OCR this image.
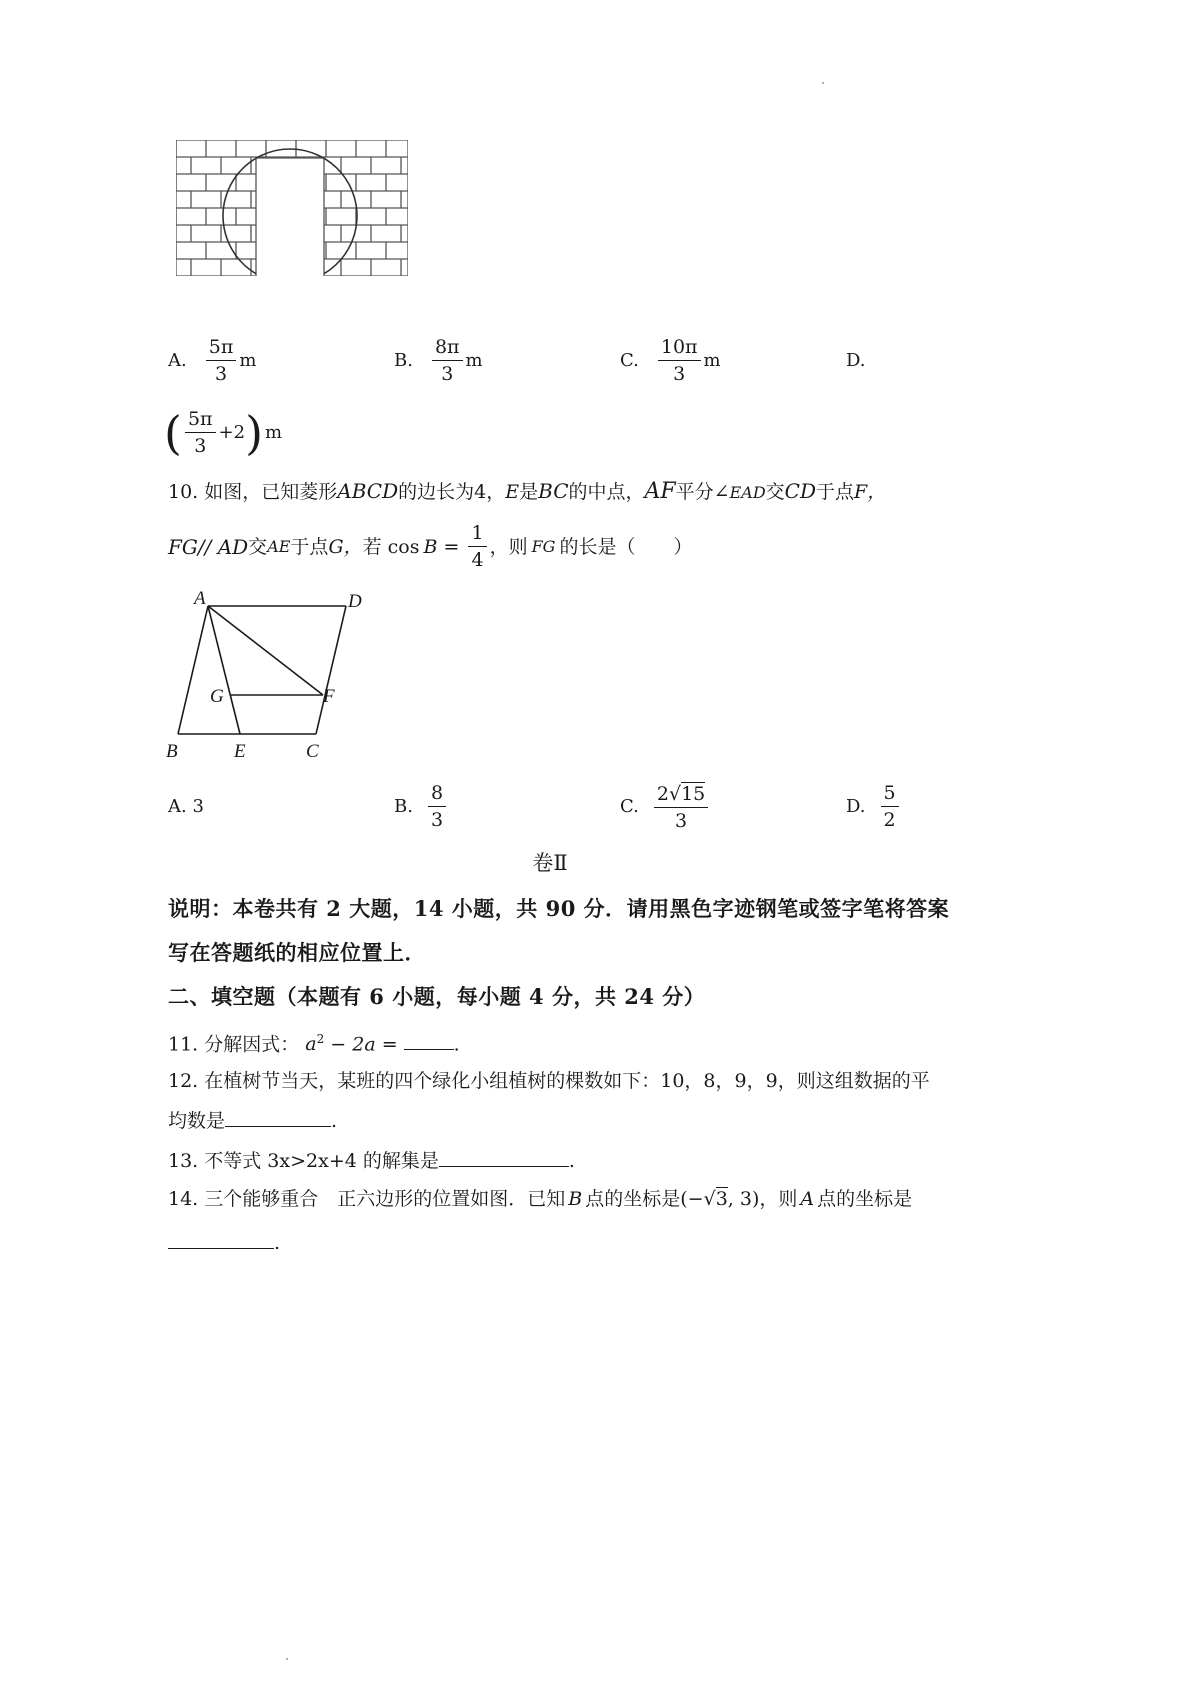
A. $\frac{5\pi}{3}$ m	B. $\frac{8\pi}{3}$ m	C. $\frac{10\pi}{3}$ m	D.
( $\frac{5\pi}{3} +2$ ) m
10. 如图，已知菱形ABCD的边长为4，E是BC的中点，AF平分∠EAD交CD于点F，
FG// AD 交 AE 于点 G， 若 $\cos B = \frac{1}{4}$ ，则 FG 的长是（　　）
A	D
G	F
B	E	C
A. 3	B. $\frac{8}{3}$	C. $\frac{2 √ 15}{3}$	D. $\frac{5}{2}$
卷Ⅱ
说明：本卷共有 2 大题，14 小题，共 90 分．请用黑色字迹钢笔或签字笔将答案
写在答题纸的相应位置上．
二、填空题（本题有 6 小题，每小题 4 分，共 24 分）
11. 分解因式： $a^2 - 2a$ =	.
12. 在植树节当天，某班的四个绿化小组植树的棵数如下：10，8，9，9，则这组数据的平
均数是	.
13. 不等式 3x>2x+4 的解集是	.
14. 三个能够重合　正六边形的位置如图．已知 B 点的坐标是(−√3, 3)，则 A 点的坐标是
.
